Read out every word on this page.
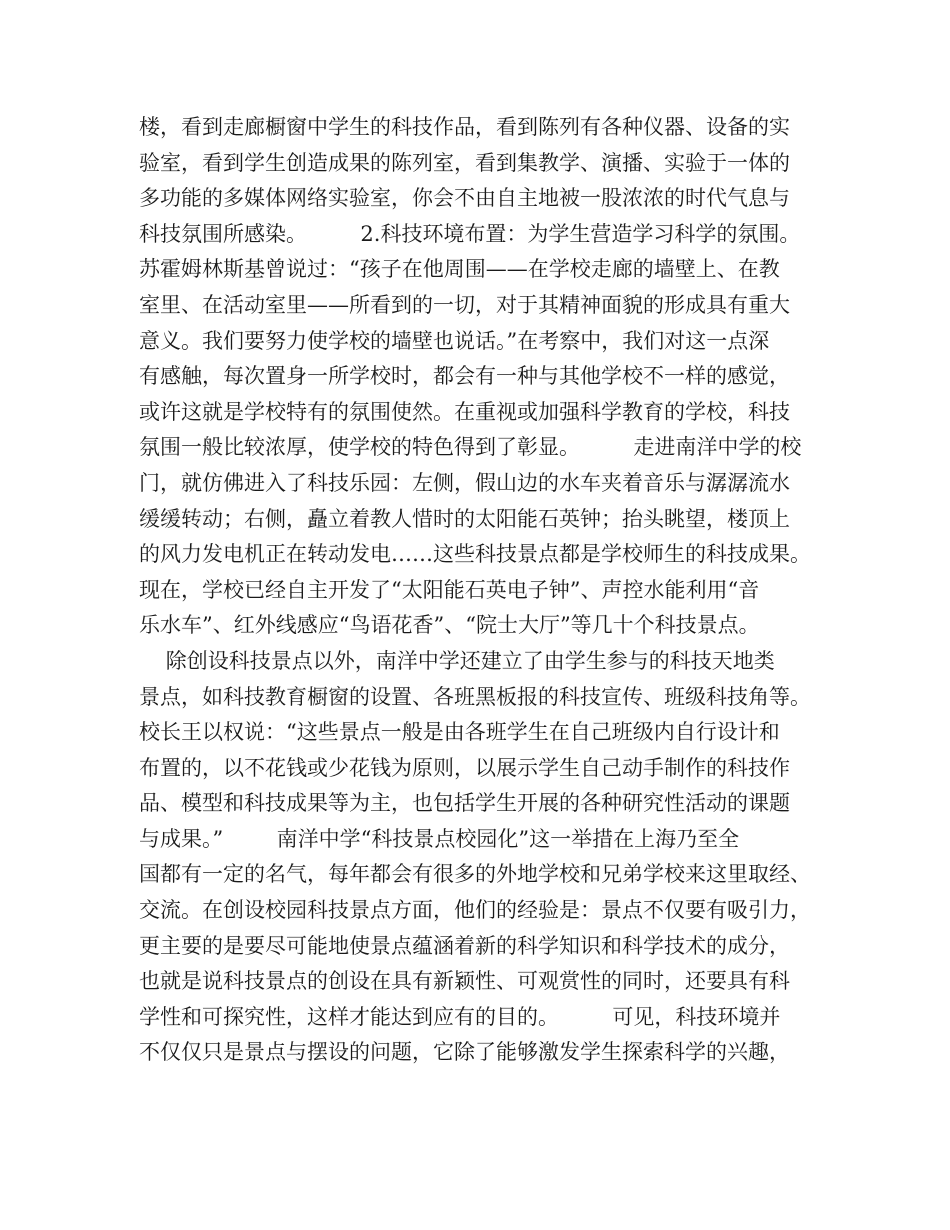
楼，看到走廊橱窗中学生的科技作品，看到陈列有各种仪器、设备的实
验室，看到学生创造成果的陈列室，看到集教学、演播、实验于一体的
多功能的多媒体网络实验室，你会不由自主地被一股浓浓的时代气息与
科技氛围所感染。        2.科技环境布置：为学生营造学习科学的氛围。
苏霍姆林斯基曾说过：“孩子在他周围——在学校走廊的墙壁上、在教
室里、在活动室里——所看到的一切，对于其精神面貌的形成具有重大
意义。我们要努力使学校的墙壁也说话。”在考察中，我们对这一点深
有感触，每次置身一所学校时，都会有一种与其他学校不一样的感觉，
或许这就是学校特有的氛围使然。在重视或加强科学教育的学校，科技
氛围一般比较浓厚，使学校的特色得到了彰显。        走进南洋中学的校
门，就仿佛进入了科技乐园：左侧，假山边的水车夹着音乐与潺潺流水
缓缓转动；右侧，矗立着教人惜时的太阳能石英钟；抬头眺望，楼顶上
的风力发电机正在转动发电……这些科技景点都是学校师生的科技成果。
现在，学校已经自主开发了“太阳能石英电子钟”、声控水能利用“音
乐水车”、红外线感应“鸟语花香”、“院士大厅”等几十个科技景点。
除创设科技景点以外，南洋中学还建立了由学生参与的科技天地类
景点，如科技教育橱窗的设置、各班黑板报的科技宣传、班级科技角等。
校长王以权说：“这些景点一般是由各班学生在自己班级内自行设计和
布置的，以不花钱或少花钱为原则，以展示学生自己动手制作的科技作
品、模型和科技成果等为主，也包括学生开展的各种研究性活动的课题
与成果。”        南洋中学“科技景点校园化”这一举措在上海乃至全
国都有一定的名气，每年都会有很多的外地学校和兄弟学校来这里取经、
交流。在创设校园科技景点方面，他们的经验是：景点不仅要有吸引力，
更主要的是要尽可能地使景点蕴涵着新的科学知识和科学技术的成分，
也就是说科技景点的创设在具有新颖性、可观赏性的同时，还要具有科
学性和可探究性，这样才能达到应有的目的。        可见，科技环境并
不仅仅只是景点与摆设的问题，它除了能够激发学生探索科学的兴趣，
